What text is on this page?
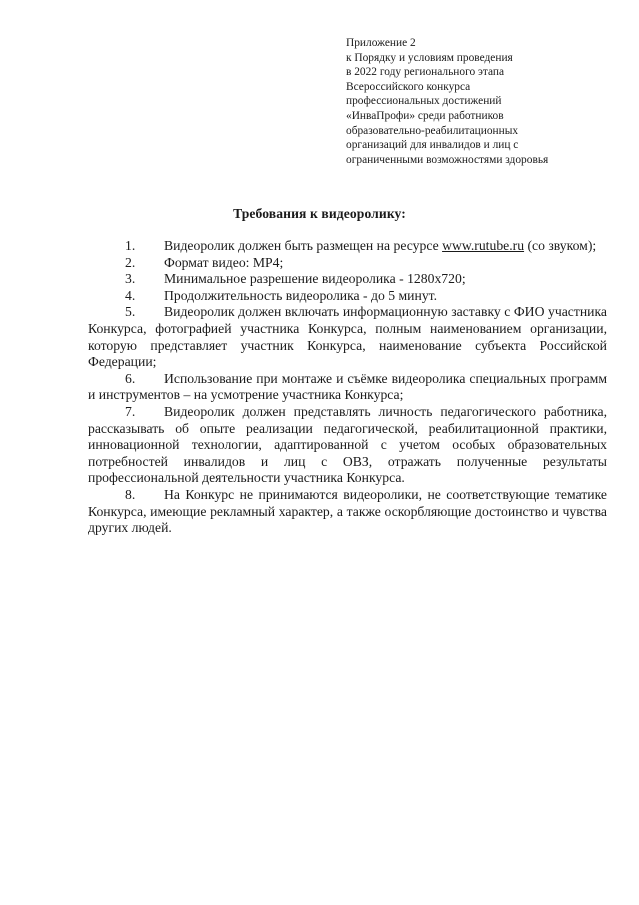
Приложение 2
к Порядку и условиям проведения
в 2022 году регионального этапа
Всероссийского конкурса
профессиональных достижений
«ИнваПрофи» среди работников
образовательно-реабилитационных
организаций для инвалидов и лиц с
ограниченными возможностями здоровья
Требования к видеоролику:

1. Видеоролик должен быть размещен на ресурсе www.rutube.ru (со звуком);

2. Формат видео: MP4;

3. Минимальное разрешение видеоролика - 1280х720;

4. Продолжительность видеоролика - до 5 минут.

5. Видеоролик должен включать информационную заставку с ФИО участника Конкурса, фотографией участника Конкурса, полным наименованием организации, которую представляет участник Конкурса, наименование субъекта Российской Федерации;

6. Использование при монтаже и съёмке видеоролика специальных программ и инструментов – на усмотрение участника Конкурса;

7. Видеоролик должен представлять личность педагогического работника, рассказывать об опыте реализации педагогической, реабилитационной практики, инновационной технологии, адаптированной с учетом особых образовательных потребностей инвалидов и лиц с ОВЗ, отражать полученные результаты профессиональной деятельности участника Конкурса.

8. На Конкурс не принимаются видеоролики, не соответствующие тематике Конкурса, имеющие рекламный характер, а также оскорбляющие достоинство и чувства других людей.
